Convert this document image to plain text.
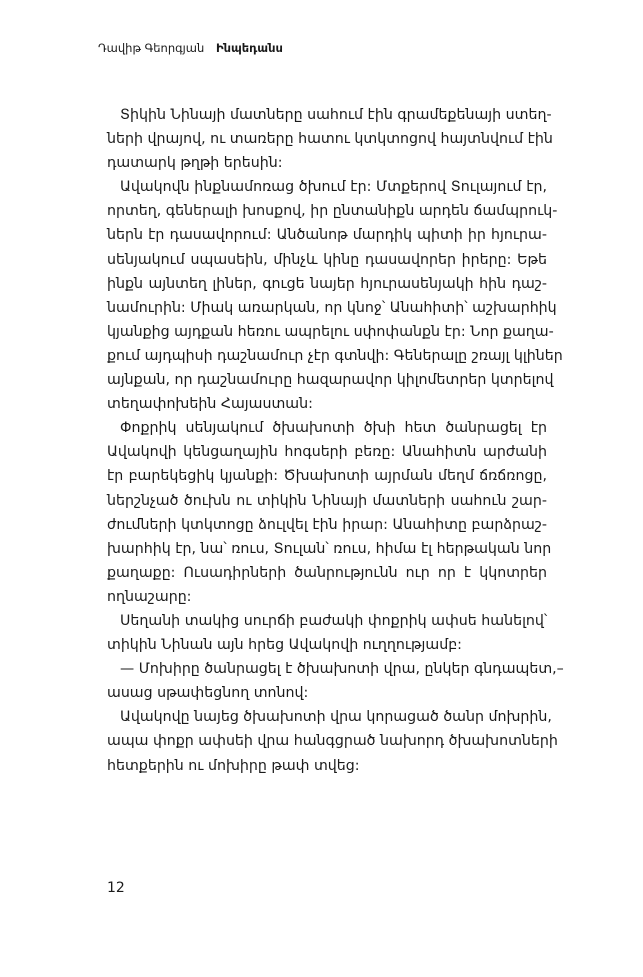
Դավիթ Գեորգյան Ինպեդանս
Տիկին Նինայի մատները սահում էին գրամեքենայի ստեղ-
ների վրայով, ու տառերը հատու կտկտոցով հայտնվում էին
դատարկ թղթի երեսին:
Ավակովն ինքնամոռաց ծխում էր: Մտքերով Տուլայում էր,
որտեղ, գեներալի խոսքով, իր ընտանիքն արդեն ճամպրուկ-
ներն էր դասավորում: Անծանոթ մարդիկ պիտի իր հյուրա-
սենյակում սպասեին, մինչև կինը դասավորեր իրերը: Եթե
ինքն այնտեղ լիներ, գուցե նայեր հյուրասենյակի հին դաշ-
նամուրին: Միակ առարկան, որ կնոջ՝ Անահիտի՝ աշխարհիկ
կյանքից այդքան հեռու ապրելու սփոփանքն էր: Նոր քաղա-
քում այդպիսի դաշնամուր չէր գտնվի: Գեներալը շռայլ կլիներ
այնքան, որ դաշնամուրը հազարավոր կիլոմետրեր կտրելով
տեղափոխեին Հայաստան:
Փոքրիկ սենյակում ծխախոտի ծխի հետ ծանրացել էր
Ավակովի կենցաղային հոգսերի բեռը: Անահիտն արժանի
էր բարեկեցիկ կյանքի: Ծխախոտի այրման մեղմ ճռճռոցը,
ներշնչած ծուխն ու տիկին Նինայի մատների սահուն շար-
ժումների կտկտոցը ձուլվել էին իրար: Անահիտը բարձրաշ-
խարհիկ էր, նա՝ ռուս, Տուլան՝ ռուս, հիմա էլ հերթական նոր
քաղաքը: Ուսադիրների ծանրությունն ուր որ է կկոտրեր
ողնաշարը:
Սեղանի տակից սուրճի բաժակի փոքրիկ ափսե հանելով՝
տիկին Նինան այն հրեց Ավակովի ուղղությամբ:
— Մոխիրը ծանրացել է ծխախոտի վրա, ընկեր գնդապետ,–
ասաց սթափեցնող տոնով:
Ավակովը նայեց ծխախոտի վրա կորացած ծանր մոխրին,
ապա փոքր ափսեի վրա հանգցրած նախորդ ծխախոտների
հետքերին ու մոխիրը թափ տվեց:
12
